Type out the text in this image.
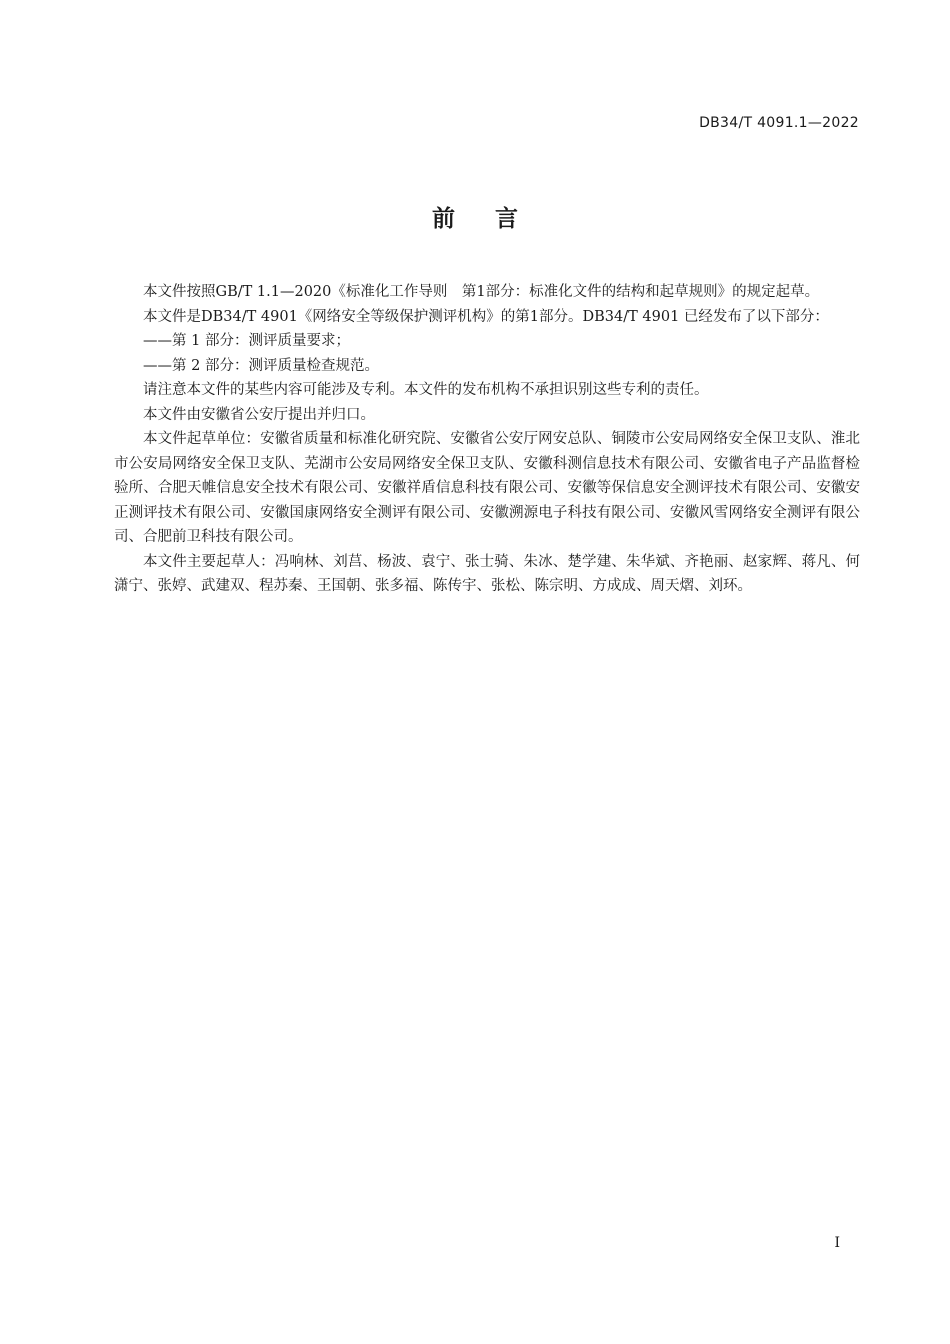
DB34/T 4091.1—2022
前言

本文件按照GB/T 1.1—2020《标准化工作导则　第1部分：标准化文件的结构和起草规则》的规定起草。

本文件是DB34/T 4901《网络安全等级保护测评机构》的第1部分。DB34/T 4901 已经发布了以下部分：

——第 1 部分：测评质量要求；

——第 2 部分：测评质量检查规范。

请注意本文件的某些内容可能涉及专利。本文件的发布机构不承担识别这些专利的责任。

本文件由安徽省公安厅提出并归口。

本文件起草单位：安徽省质量和标准化研究院、安徽省公安厅网安总队、铜陵市公安局网络安全保卫支队、淮北市公安局网络安全保卫支队、芜湖市公安局网络安全保卫支队、安徽科测信息技术有限公司、安徽省电子产品监督检验所、合肥天帷信息安全技术有限公司、安徽祥盾信息科技有限公司、安徽等保信息安全测评技术有限公司、安徽安正测评技术有限公司、安徽国康网络安全测评有限公司、安徽溯源电子科技有限公司、安徽风雪网络安全测评有限公司、合肥前卫科技有限公司。

本文件主要起草人：冯响林、刘莒、杨波、袁宁、张士骑、朱冰、楚学建、朱华斌、齐艳丽、赵家辉、蒋凡、何潇宁、张婷、武建双、程苏秦、王国朝、张多福、陈传宇、张松、陈宗明、方成成、周天熠、刘环。

I
